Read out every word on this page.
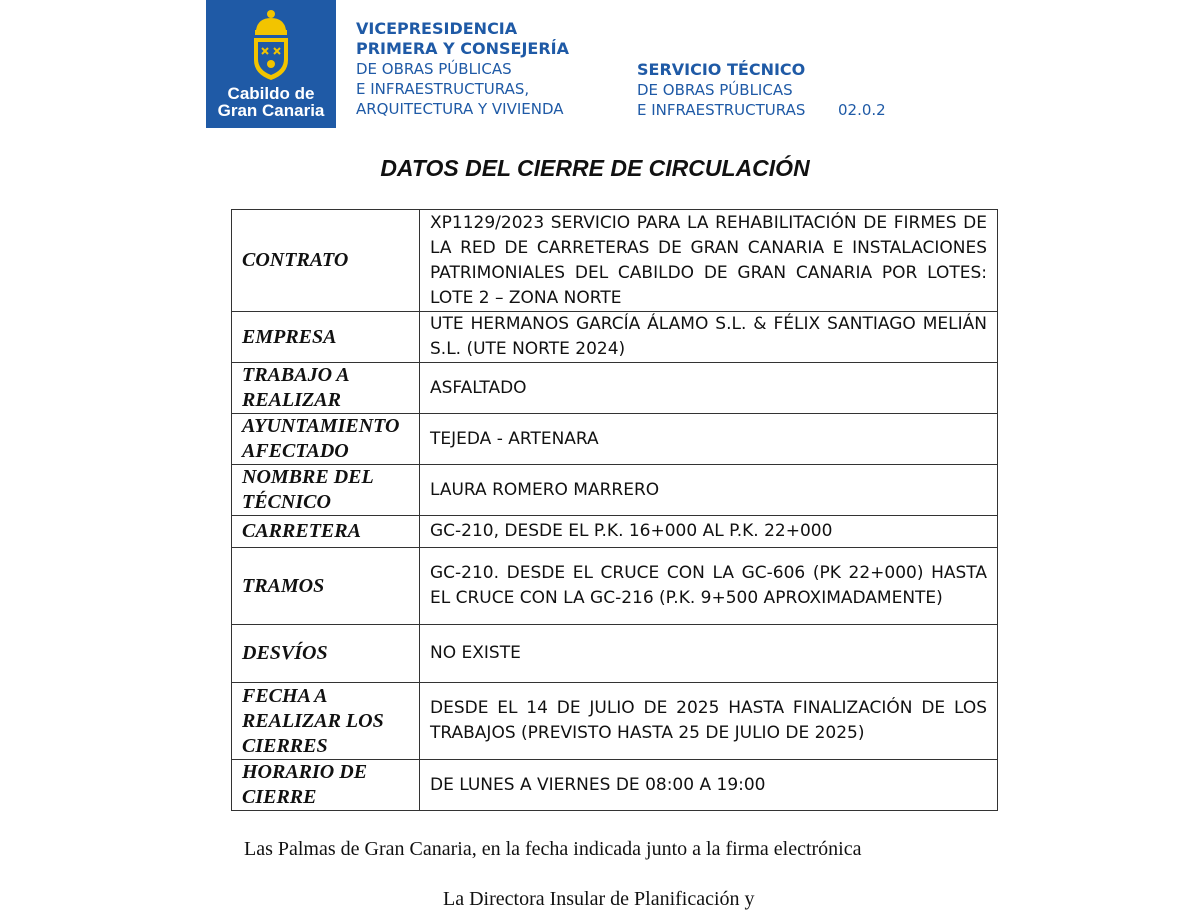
Cabildo de
Gran Canaria
VICEPRESIDENCIA
PRIMERA Y CONSEJERÍA
DE OBRAS PÚBLICAS
E INFRAESTRUCTURAS,
ARQUITECTURA Y VIVIENDA
SERVICIO TÉCNICO
DE OBRAS PÚBLICAS
E INFRAESTRUCTURAS 02.0.2
DATOS DEL CIERRE DE CIRCULACIÓN
CONTRATO	XP1129/2023 SERVICIO PARA LA REHABILITACIÓN DE FIRMES DE LA RED DE CARRETERAS DE GRAN CANARIA E INSTALACIONES PATRIMONIALES DEL CABILDO DE GRAN CANARIA POR LOTES: LOTE 2 – ZONA NORTE
EMPRESA	UTE HERMANOS GARCÍA ÁLAMO S.L. & FÉLIX SANTIAGO MELIÁN S.L. (UTE NORTE 2024)
TRABAJO A REALIZAR	ASFALTADO
AYUNTAMIENTO AFECTADO	TEJEDA - ARTENARA
NOMBRE DEL TÉCNICO	LAURA ROMERO MARRERO
CARRETERA	GC-210, DESDE EL P.K. 16+000 AL P.K. 22+000
TRAMOS	GC-210. DESDE EL CRUCE CON LA GC-606 (PK 22+000) HASTA EL CRUCE CON LA GC-216 (P.K. 9+500 APROXIMADAMENTE)
DESVÍOS	NO EXISTE
FECHA A REALIZAR LOS CIERRES	DESDE EL 14 DE JULIO DE 2025 HASTA FINALIZACIÓN DE LOS TRABAJOS (PREVISTO HASTA 25 DE JULIO DE 2025)
HORARIO DE CIERRE	DE LUNES A VIERNES DE 08:00 A 19:00
Las Palmas de Gran Canaria, en la fecha indicada junto a la firma electrónica
La Directora Insular de Planificación y
